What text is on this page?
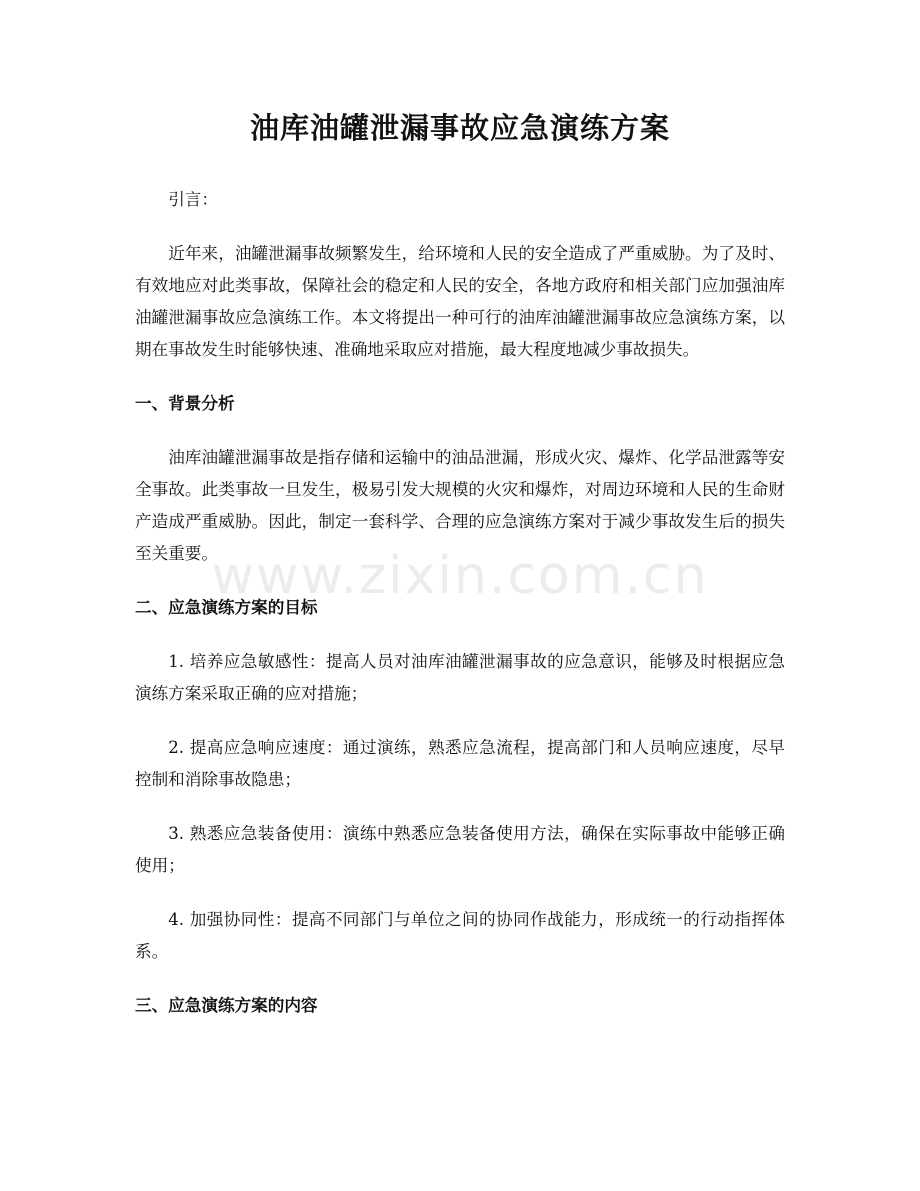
油库油罐泄漏事故应急演练方案
www.zixin.com.cn

引言：

近年来，油罐泄漏事故频繁发生，给环境和人民的安全造成了严重威胁。为了及时、有效地应对此类事故，保障社会的稳定和人民的安全，各地方政府和相关部门应加强油库油罐泄漏事故应急演练工作。本文将提出一种可行的油库油罐泄漏事故应急演练方案，以期在事故发生时能够快速、准确地采取应对措施，最大程度地减少事故损失。

一、背景分析

油库油罐泄漏事故是指存储和运输中的油品泄漏，形成火灾、爆炸、化学品泄露等安全事故。此类事故一旦发生，极易引发大规模的火灾和爆炸，对周边环境和人民的生命财产造成严重威胁。因此，制定一套科学、合理的应急演练方案对于减少事故发生后的损失至关重要。

二、应急演练方案的目标

1. 培养应急敏感性：提高人员对油库油罐泄漏事故的应急意识，能够及时根据应急演练方案采取正确的应对措施；

2. 提高应急响应速度：通过演练，熟悉应急流程，提高部门和人员响应速度，尽早控制和消除事故隐患；

3. 熟悉应急装备使用：演练中熟悉应急装备使用方法，确保在实际事故中能够正确使用；

4. 加强协同性：提高不同部门与单位之间的协同作战能力，形成统一的行动指挥体系。

三、应急演练方案的内容
